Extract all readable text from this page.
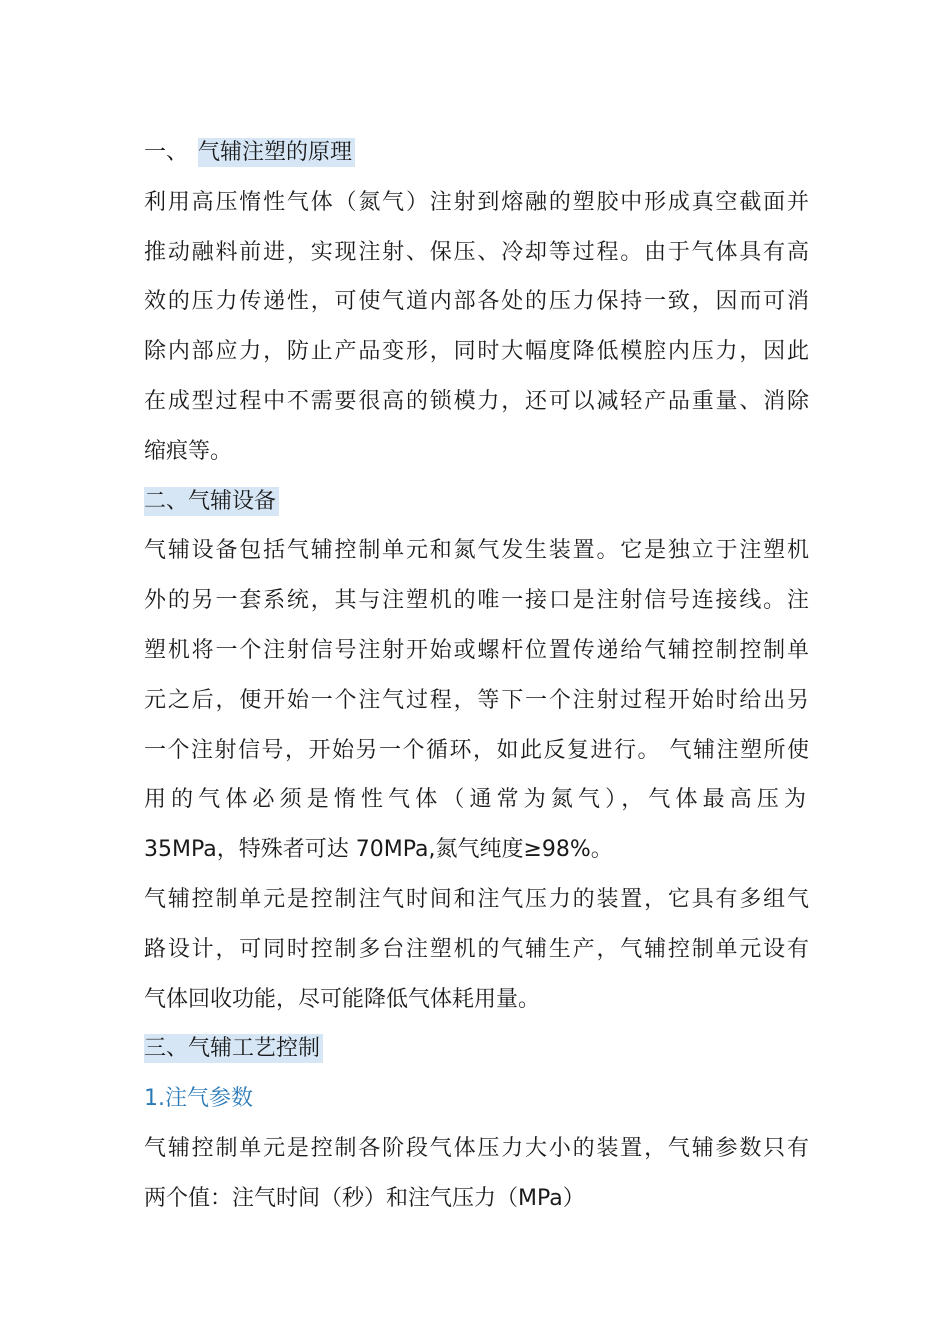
一、 气辅注塑的原理
利用高压惰性气体（氮气）注射到熔融的塑胶中形成真空截面并
推动融料前进，实现注射、保压、冷却等过程。由于气体具有高
效的压力传递性，可使气道内部各处的压力保持一致，因而可消
除内部应力，防止产品变形，同时大幅度降低模腔内压力，因此
在成型过程中不需要很高的锁模力，还可以减轻产品重量、消除
缩痕等。
二、气辅设备
气辅设备包括气辅控制单元和氮气发生装置。它是独立于注塑机
外的另一套系统，其与注塑机的唯一接口是注射信号连接线。注
塑机将一个注射信号注射开始或螺杆位置传递给气辅控制控制单
元之后，便开始一个注气过程，等下一个注射过程开始时给出另
一个注射信号，开始另一个循环，如此反复进行。 气辅注塑所使
用的气体必须是惰性气体（通常为氮气），气体最高压为
35MPa，特殊者可达 70MPa,氮气纯度≥98%。
气辅控制单元是控制注气时间和注气压力的装置，它具有多组气
路设计，可同时控制多台注塑机的气辅生产，气辅控制单元设有
气体回收功能，尽可能降低气体耗用量。
三、气辅工艺控制
1.注气参数
气辅控制单元是控制各阶段气体压力大小的装置，气辅参数只有
两个值：注气时间（秒）和注气压力（MPa）
